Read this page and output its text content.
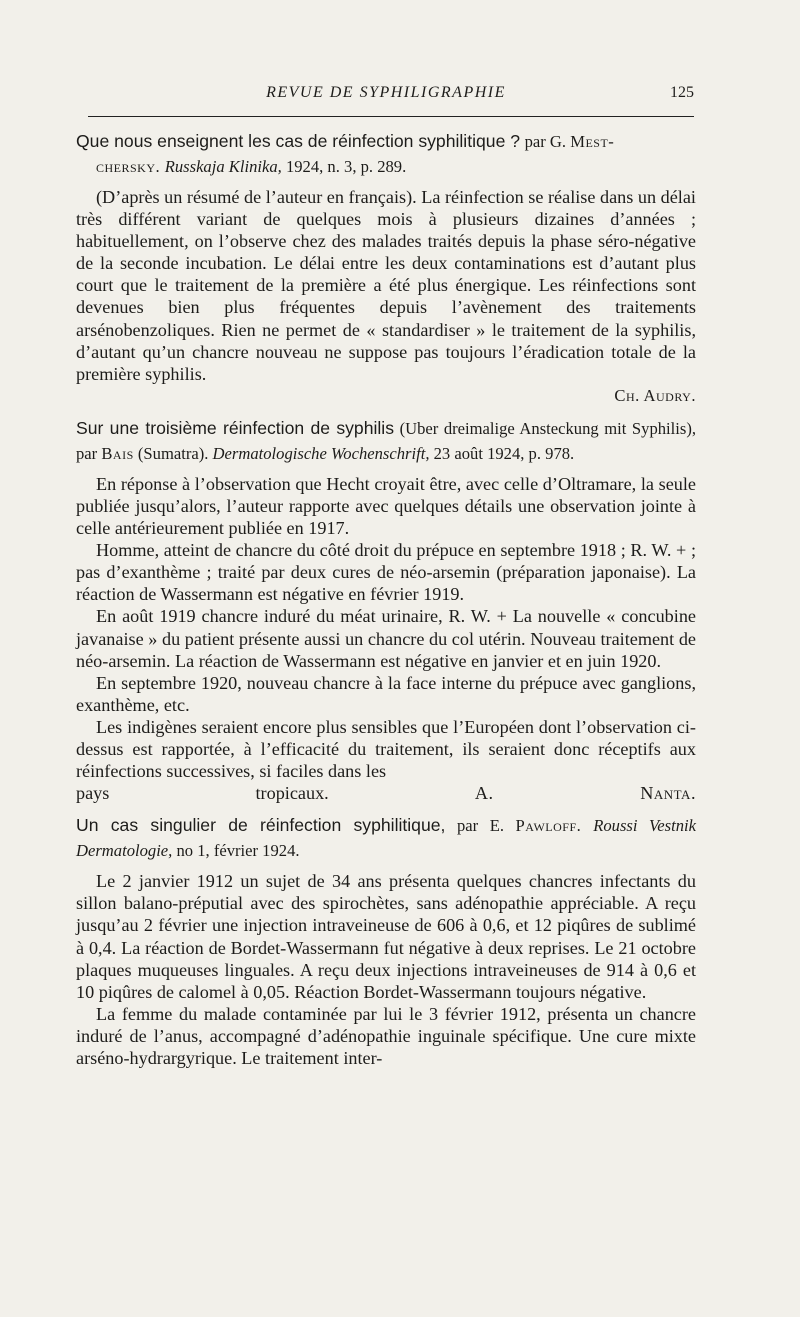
REVUE DE SYPHILIGRAPHIE	125

Que nous enseignent les cas de réinfection syphilitique ? par G. Mest-
chersky. Russkaja Klinika, 1924, n. 3, p. 289.

(D’après un résumé de l’auteur en français). La réinfection se réalise dans un délai très différent variant de quelques mois à plusieurs dizaines d’années ; habituellement, on l’observe chez des malades traités depuis la phase séro-négative de la seconde incubation. Le délai entre les deux contaminations est d’autant plus court que le traitement de la première a été plus énergique. Les réinfections sont devenues bien plus fréquentes depuis l’avènement des traitements arsénobenzoliques. Rien ne permet de « standardiser » le traitement de la syphilis, d’autant qu’un chancre nouveau ne suppose pas toujours l’éradication totale de la première syphilis.

Ch. Audry.

Sur une troisième réinfection de syphilis (Uber dreimalige Ansteckung mit Syphilis), par Bais (Sumatra). Dermatologische Wochenschrift, 23 août 1924, p. 978.

En réponse à l’observation que Hecht croyait être, avec celle d’Oltramare, la seule publiée jusqu’alors, l’auteur rapporte avec quelques détails une observation jointe à celle antérieurement publiée en 1917.

Homme, atteint de chancre du côté droit du prépuce en septembre 1918 ; R. W. + ; pas d’exanthème ; traité par deux cures de néo-arsemin (préparation japonaise). La réaction de Wassermann est négative en février 1919.

En août 1919 chancre induré du méat urinaire, R. W. + La nouvelle « concubine javanaise » du patient présente aussi un chancre du col utérin. Nouveau traitement de néo-arsemin. La réaction de Wassermann est négative en janvier et en juin 1920.

En septembre 1920, nouveau chancre à la face interne du prépuce avec ganglions, exanthème, etc.

Les indigènes seraient encore plus sensibles que l’Européen dont l’observation ci-dessus est rapportée, à l’efficacité du traitement, ils seraient donc réceptifs aux réinfections successives, si faciles dans les

pays tropicaux.	A. Nanta.

Un cas singulier de réinfection syphilitique, par E. Pawloff. Roussi Vestnik Dermatologie, no 1, février 1924.

Le 2 janvier 1912 un sujet de 34 ans présenta quelques chancres infectants du sillon balano-préputial avec des spirochètes, sans adénopathie appréciable. A reçu jusqu’au 2 février une injection intraveineuse de 606 à 0,6, et 12 piqûres de sublimé à 0,4. La réaction de Bordet-Wassermann fut négative à deux reprises. Le 21 octobre plaques muqueuses linguales. A reçu deux injections intraveineuses de 914 à 0,6 et 10 piqûres de calomel à 0,05. Réaction Bordet-Wassermann toujours négative.

La femme du malade contaminée par lui le 3 février 1912, présenta un chancre induré de l’anus, accompagné d’adénopathie inguinale spécifique. Une cure mixte arséno-hydrargyrique. Le traitement inter-
